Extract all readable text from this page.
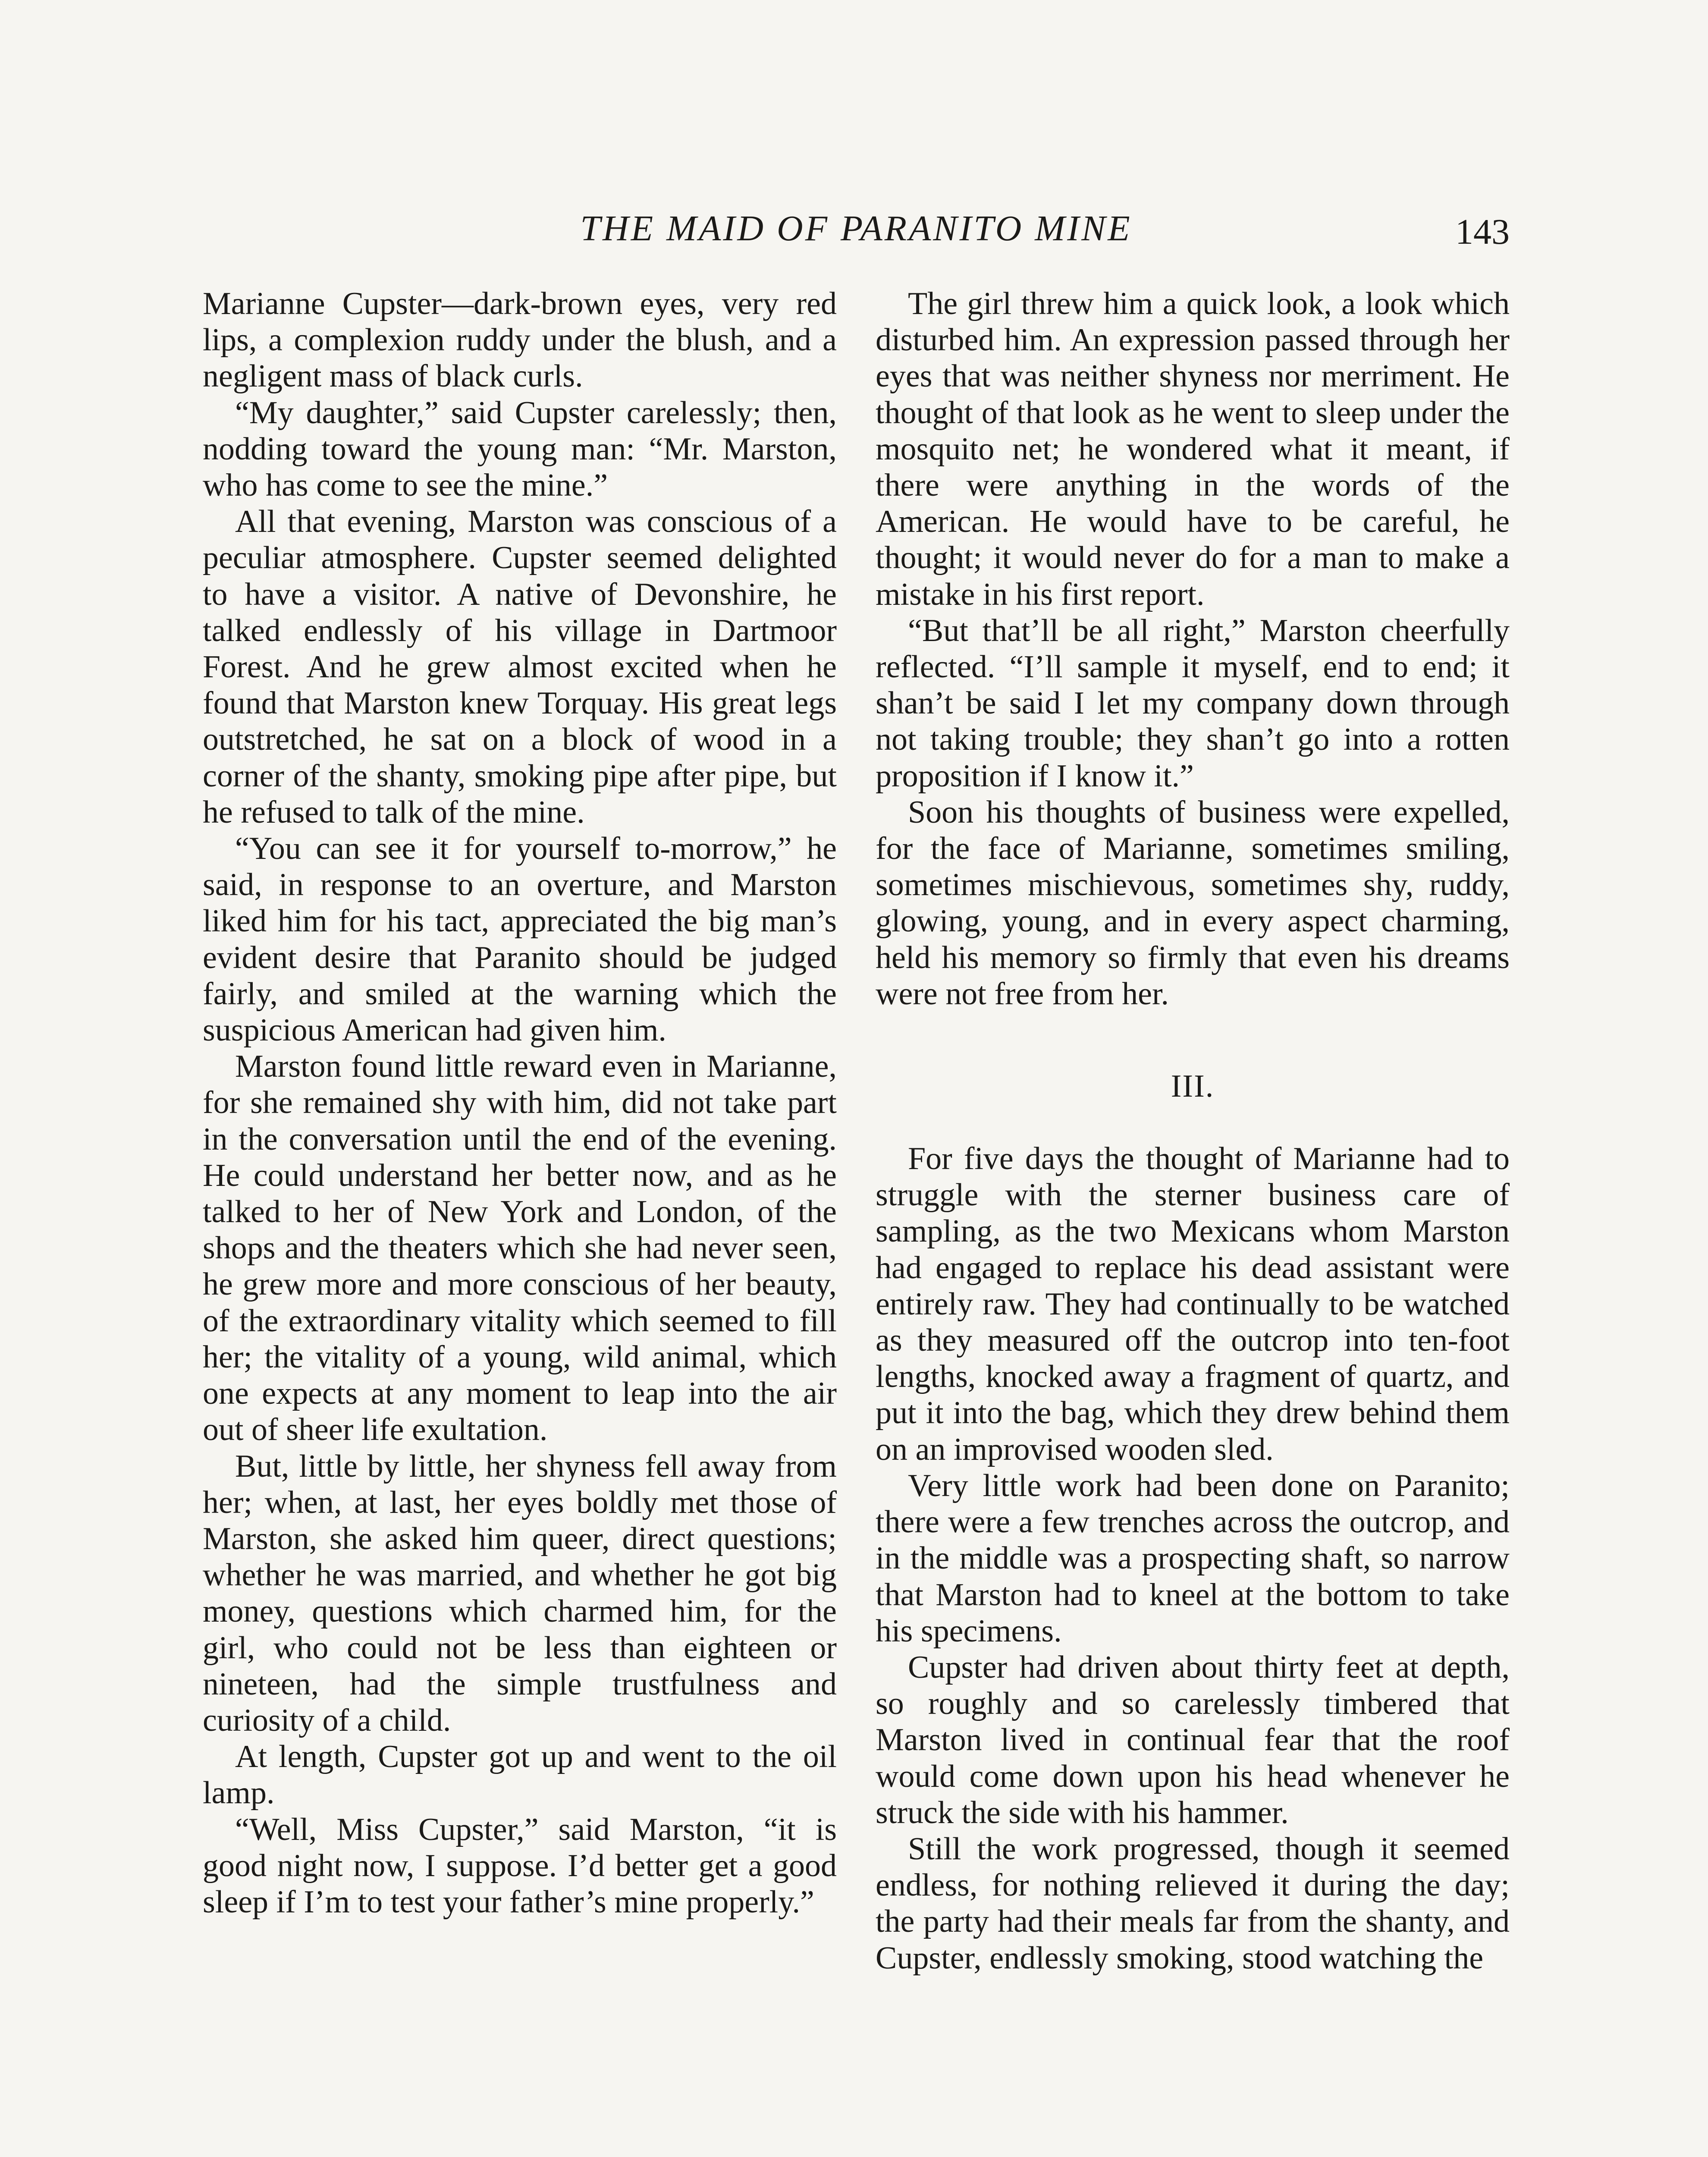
THE MAID OF PARANITO MINE	143

Marianne Cupster—dark-brown eyes, very red lips, a complexion ruddy under the blush, and a negligent mass of black curls.

“My daughter,” said Cupster carelessly; then, nodding toward the young man: “Mr. Marston, who has come to see the mine.”

All that evening, Marston was conscious of a peculiar atmosphere. Cupster seemed delighted to have a visitor. A native of Devonshire, he talked endlessly of his village in Dartmoor Forest. And he grew almost excited when he found that Marston knew Torquay. His great legs outstretched, he sat on a block of wood in a corner of the shanty, smoking pipe after pipe, but he refused to talk of the mine.

“You can see it for yourself to-morrow,” he said, in response to an overture, and Marston liked him for his tact, appreciated the big man’s evident desire that Paranito should be judged fairly, and smiled at the warning which the suspicious American had given him.

Marston found little reward even in Marianne, for she remained shy with him, did not take part in the conversation until the end of the evening. He could understand her better now, and as he talked to her of New York and London, of the shops and the theaters which she had never seen, he grew more and more conscious of her beauty, of the extraordinary vitality which seemed to fill her; the vitality of a young, wild animal, which one expects at any moment to leap into the air out of sheer life exultation.

But, little by little, her shyness fell away from her; when, at last, her eyes boldly met those of Marston, she asked him queer, direct questions; whether he was married, and whether he got big money, questions which charmed him, for the girl, who could not be less than eighteen or nineteen, had the simple trustfulness and curiosity of a child.

At length, Cupster got up and went to the oil lamp.

“Well, Miss Cupster,” said Marston, “it is good night now, I suppose. I’d better get a good sleep if I’m to test your father’s mine properly.”

The girl threw him a quick look, a look which disturbed him. An expression passed through her eyes that was neither shyness nor merriment. He thought of that look as he went to sleep under the mosquito net; he wondered what it meant, if there were anything in the words of the American. He would have to be careful, he thought; it would never do for a man to make a mistake in his first report.

“But that’ll be all right,” Marston cheerfully reflected. “I’ll sample it myself, end to end; it shan’t be said I let my company down through not taking trouble; they shan’t go into a rotten proposition if I know it.”

Soon his thoughts of business were expelled, for the face of Marianne, sometimes smiling, sometimes mischievous, sometimes shy, ruddy, glowing, young, and in every aspect charming, held his memory so firmly that even his dreams were not free from her.

III.

For five days the thought of Marianne had to struggle with the sterner business care of sampling, as the two Mexicans whom Marston had engaged to replace his dead assistant were entirely raw. They had continually to be watched as they measured off the outcrop into ten-foot lengths, knocked away a fragment of quartz, and put it into the bag, which they drew behind them on an improvised wooden sled.

Very little work had been done on Paranito; there were a few trenches across the outcrop, and in the middle was a prospecting shaft, so narrow that Marston had to kneel at the bottom to take his specimens.

Cupster had driven about thirty feet at depth, so roughly and so carelessly timbered that Marston lived in continual fear that the roof would come down upon his head whenever he struck the side with his hammer.

Still the work progressed, though it seemed endless, for nothing relieved it during the day; the party had their meals far from the shanty, and Cupster, endlessly smoking, stood watching the
